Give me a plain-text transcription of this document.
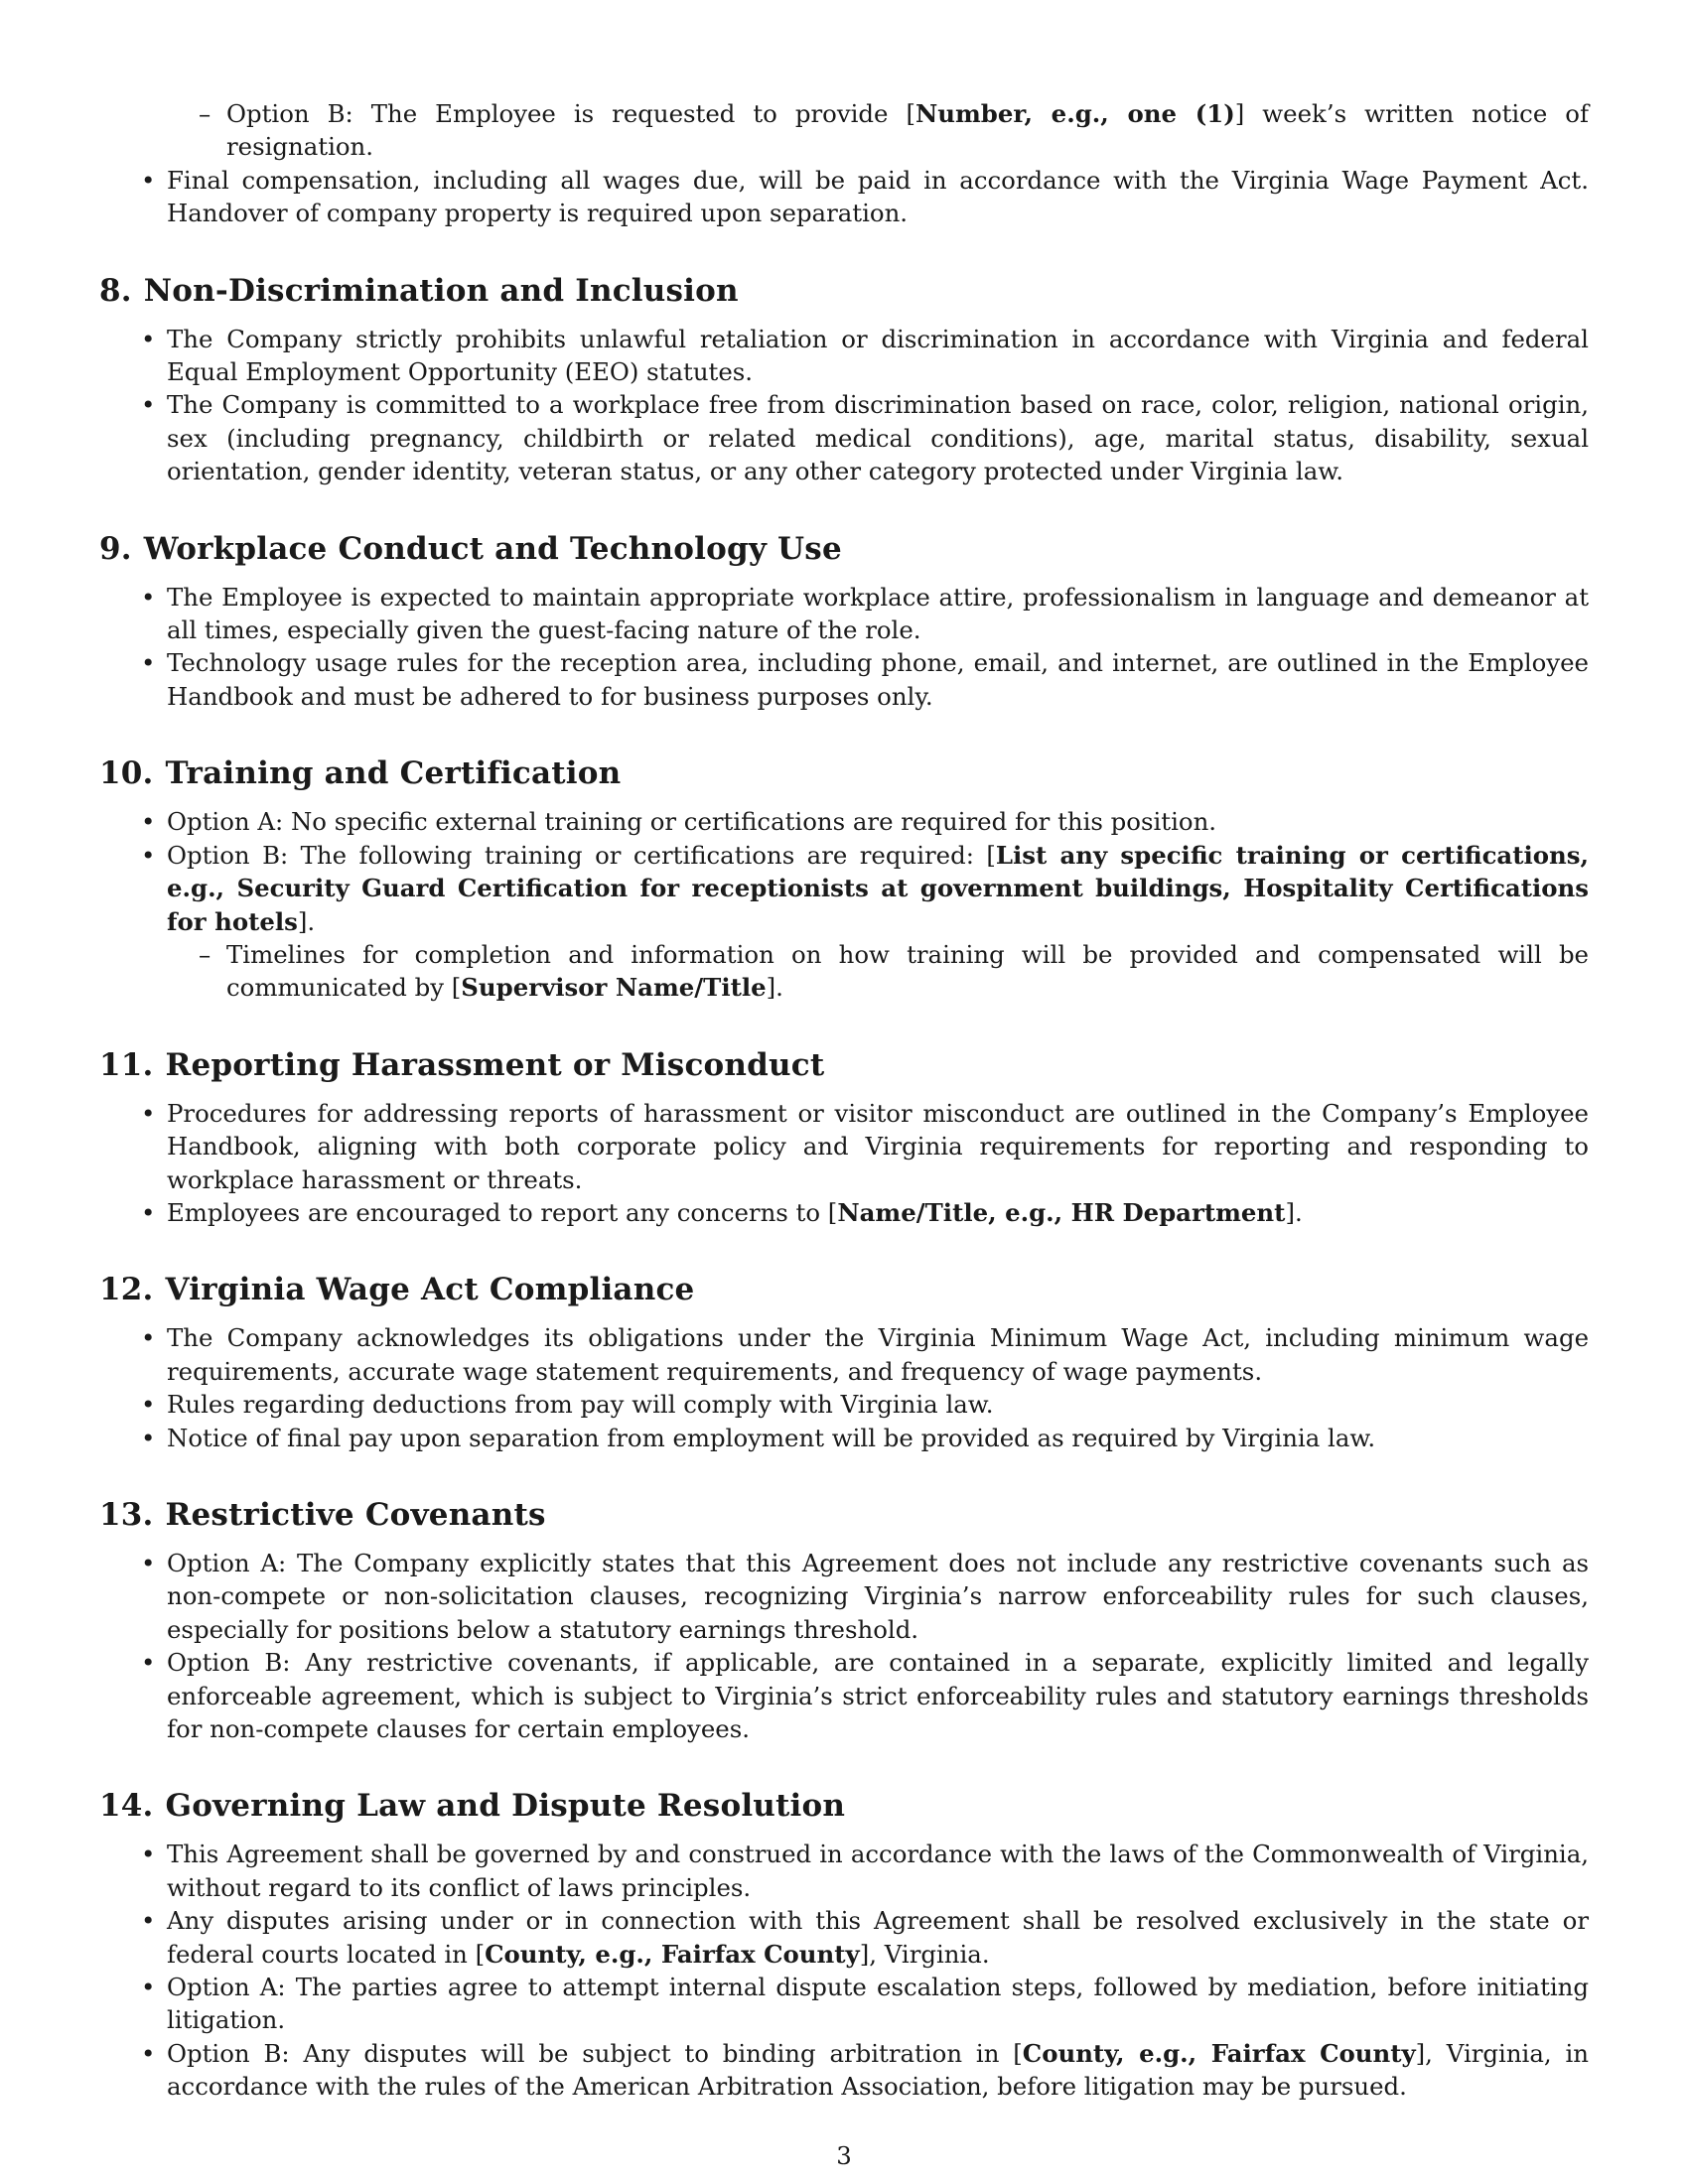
– Option B: The Employee is requested to provide [Number, e.g., one (1)] week’s written notice of resignation.
• Final compensation, including all wages due, will be paid in accordance with the Virginia Wage Payment Act. Handover of company property is required upon separation.
8. Non-Discrimination and Inclusion
• The Company strictly prohibits unlawful retaliation or discrimination in accordance with Virginia and federal Equal Employment Opportunity (EEO) statutes.
• The Company is committed to a workplace free from discrimination based on race, color, religion, national origin, sex (including pregnancy, childbirth or related medical conditions), age, marital status, disability, sexual orientation, gender identity, veteran status, or any other category protected under Virginia law.
9. Workplace Conduct and Technology Use
• The Employee is expected to maintain appropriate workplace attire, professionalism in language and demeanor at all times, especially given the guest-facing nature of the role.
• Technology usage rules for the reception area, including phone, email, and internet, are outlined in the Employee Handbook and must be adhered to for business purposes only.
10. Training and Certification
• Option A: No specific external training or certifications are required for this position.
• Option B: The following training or certifications are required: [List any specific training or certifications, e.g., Security Guard Certification for receptionists at government buildings, Hospitality Certifications for hotels].
– Timelines for completion and information on how training will be provided and compensated will be communicated by [Supervisor Name/Title].
11. Reporting Harassment or Misconduct
• Procedures for addressing reports of harassment or visitor misconduct are outlined in the Company’s Employee Handbook, aligning with both corporate policy and Virginia requirements for reporting and responding to workplace harassment or threats.
• Employees are encouraged to report any concerns to [Name/Title, e.g., HR Department].
12. Virginia Wage Act Compliance
• The Company acknowledges its obligations under the Virginia Minimum Wage Act, including minimum wage requirements, accurate wage statement requirements, and frequency of wage payments.
• Rules regarding deductions from pay will comply with Virginia law.
• Notice of final pay upon separation from employment will be provided as required by Virginia law.
13. Restrictive Covenants
• Option A: The Company explicitly states that this Agreement does not include any restrictive covenants such as non-compete or non-solicitation clauses, recognizing Virginia’s narrow enforceability rules for such clauses, especially for positions below a statutory earnings threshold.
• Option B: Any restrictive covenants, if applicable, are contained in a separate, explicitly limited and legally enforceable agreement, which is subject to Virginia’s strict enforceability rules and statutory earnings thresholds for non-compete clauses for certain employees.
14. Governing Law and Dispute Resolution
• This Agreement shall be governed by and construed in accordance with the laws of the Commonwealth of Virginia, without regard to its conflict of laws principles.
• Any disputes arising under or in connection with this Agreement shall be resolved exclusively in the state or federal courts located in [County, e.g., Fairfax County], Virginia.
• Option A: The parties agree to attempt internal dispute escalation steps, followed by mediation, before initiating litigation.
• Option B: Any disputes will be subject to binding arbitration in [County, e.g., Fairfax County], Virginia, in accordance with the rules of the American Arbitration Association, before litigation may be pursued.
3
